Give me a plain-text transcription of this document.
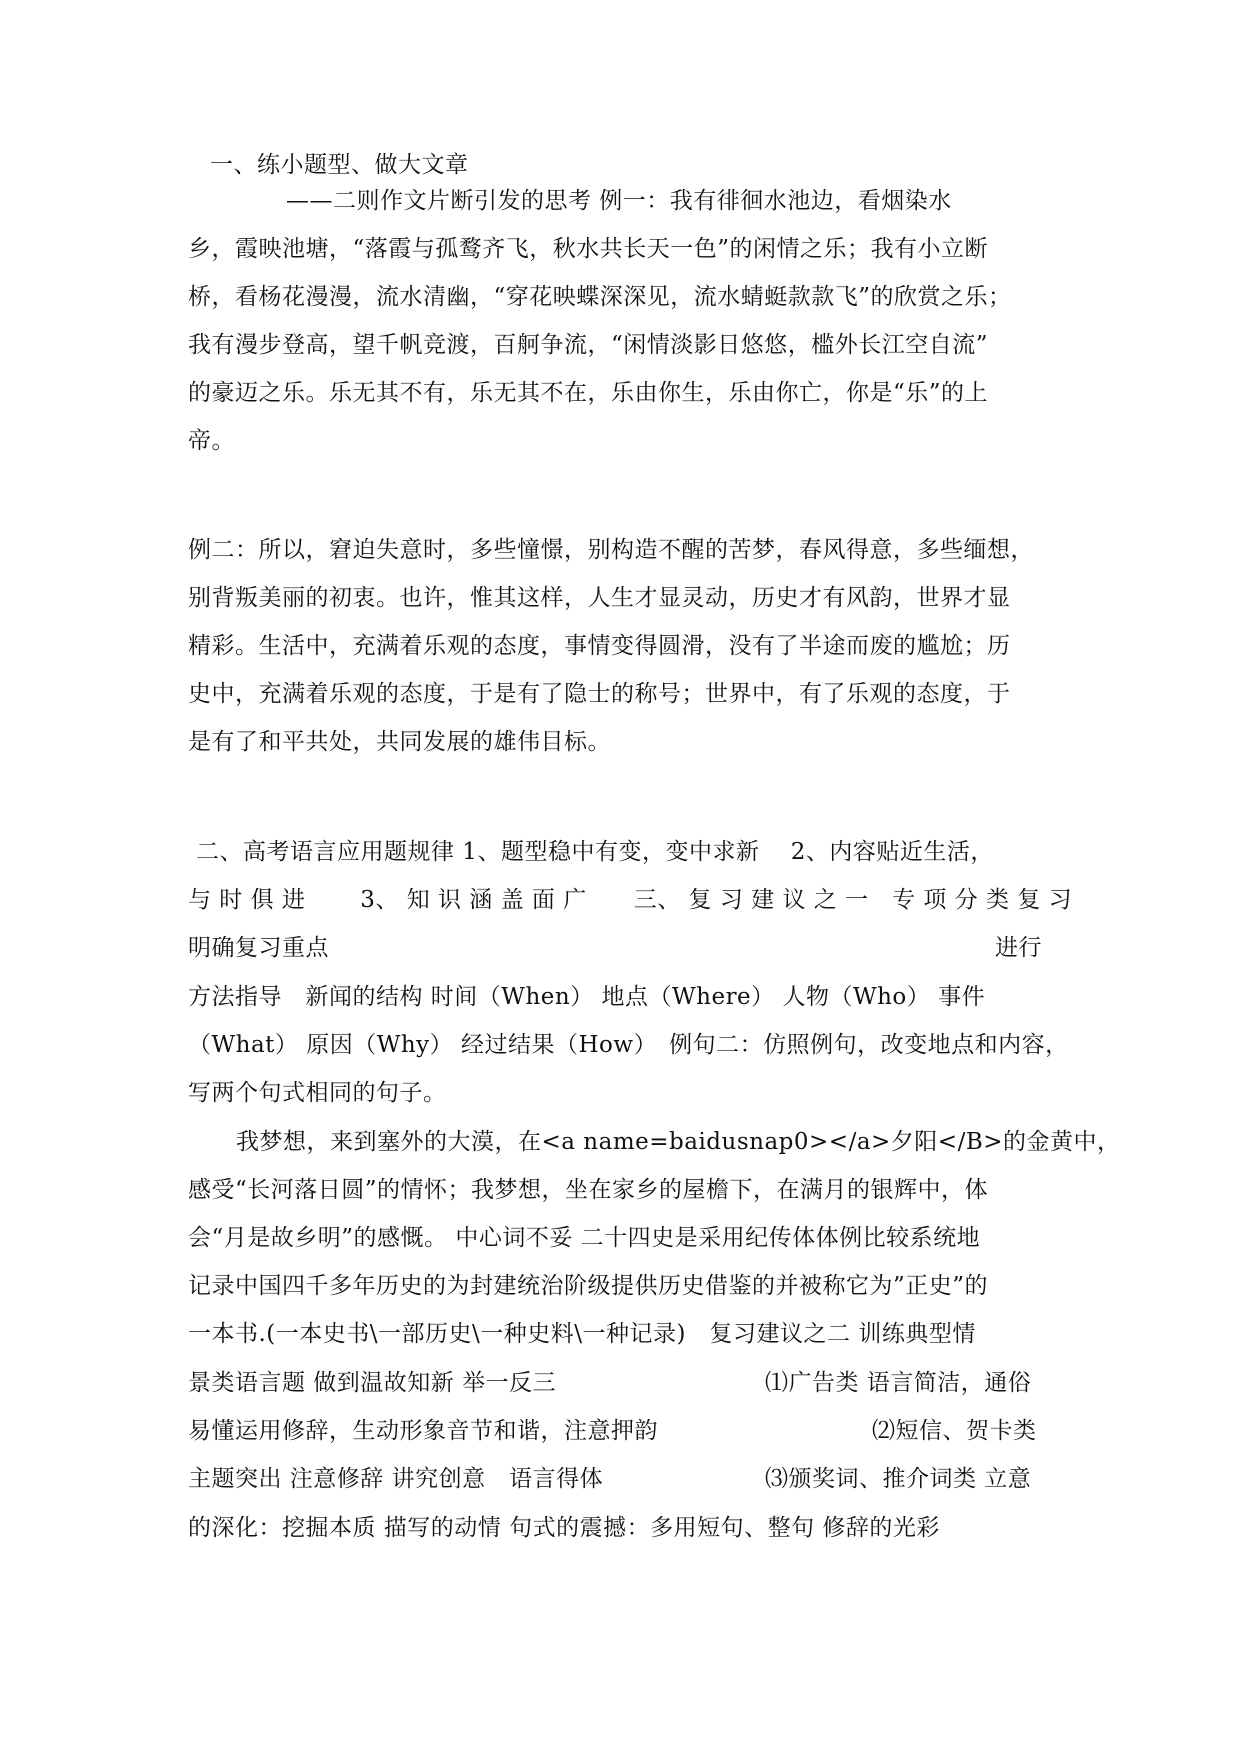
一、练小题型、做大文章
——二则作文片断引发的思考 例一：我有徘徊水池边，看烟染水
乡，霞映池塘，“落霞与孤鹜齐飞，秋水共长天一色”的闲情之乐；我有小立断
桥，看杨花漫漫，流水清幽，“穿花映蝶深深见，流水蜻蜓款款飞”的欣赏之乐；
我有漫步登高，望千帆竞渡，百舸争流，“闲情淡影日悠悠，槛外长江空自流”
的豪迈之乐。乐无其不有，乐无其不在，乐由你生，乐由你亡，你是“乐”的上
帝。
例二：所以，窘迫失意时，多些憧憬，别构造不醒的苦梦，春风得意，多些缅想，
别背叛美丽的初衷。也许，惟其这样，人生才显灵动，历史才有风韵，世界才显
精彩。生活中，充满着乐观的态度，事情变得圆滑，没有了半途而废的尴尬；历
史中，充满着乐观的态度，于是有了隐士的称号；世界中，有了乐观的态度，于
是有了和平共处，共同发展的雄伟目标。
二、高考语言应用题规律 1、题型稳中有变，变中求新　 2、内容贴近生活，
与 时 俱 进　　 3、 知 识 涵 盖 面 广　　三、 复 习 建 议 之 一　专 项 分 类 复 习
明确复习重点	进行
方法指导　新闻的结构 时间（When） 地点（Where） 人物（Who） 事件
（What） 原因（Why） 经过结果（How）　例句二：仿照例句，改变地点和内容，
写两个句式相同的句子。
我梦想，来到塞外的大漠，在<a name=baidusnap0></a>夕阳</B>的金黄中，
感受“长河落日圆”的情怀；我梦想，坐在家乡的屋檐下，在满月的银辉中，体
会“月是故乡明”的感慨。 中心词不妥 二十四史是采用纪传体体例比较系统地
记录中国四千多年历史的为封建统治阶级提供历史借鉴的并被称它为”正史”的
一本书.(一本史书\一部历史\一种史料\一种记录)　复习建议之二 训练典型情
景类语言题 做到温故知新 举一反三	⑴广告类 语言简洁，通俗
易懂运用修辞，生动形象音节和谐，注意押韵	⑵短信、贺卡类
主题突出 注意修辞 讲究创意　语言得体	⑶颁奖词、推介词类 立意
的深化：挖掘本质 描写的动情 句式的震撼：多用短句、整句 修辞的光彩
